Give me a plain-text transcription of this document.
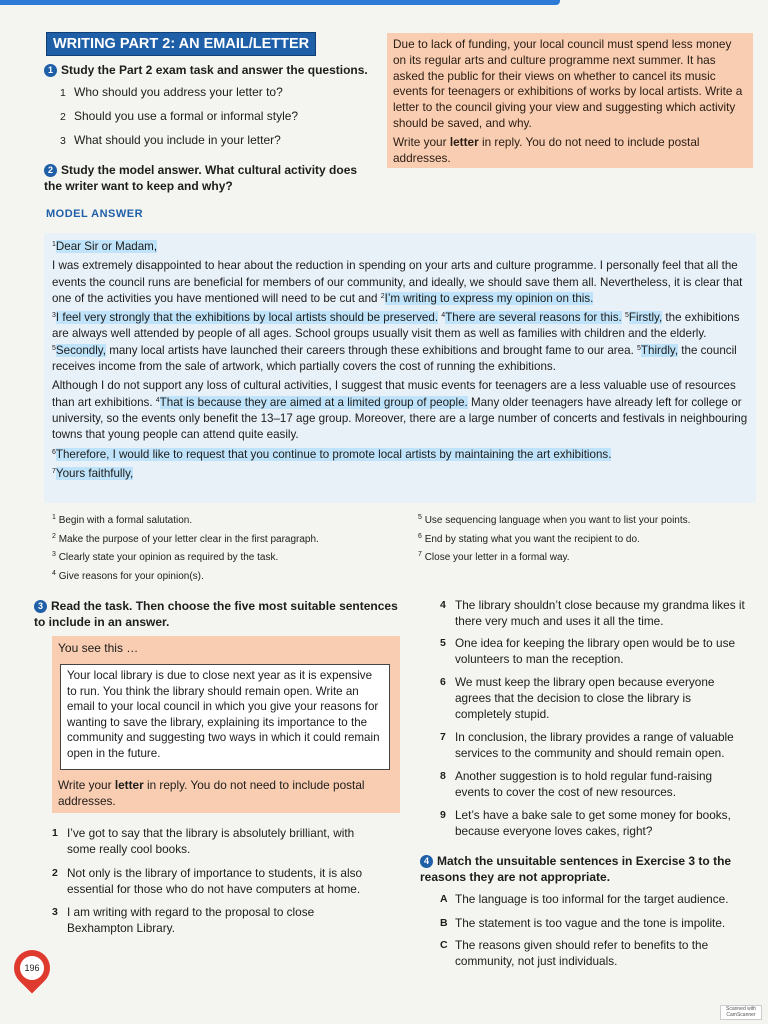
WRITING PART 2: AN EMAIL/LETTER
1 Study the Part 2 exam task and answer the questions.
1 Who should you address your letter to?
2 Should you use a formal or informal style?
3 What should you include in your letter?
2 Study the model answer. What cultural activity does the writer want to keep and why?

Due to lack of funding, your local council must spend less money on its regular arts and culture programme next summer. It has asked the public for their views on whether to cancel its music events for teenagers or exhibitions of works by local artists. Write a letter to the council giving your view and suggesting which activity should be saved, and why.

Write your letter in reply. You do not need to include postal addresses.

MODEL ANSWER

$^1$Dear Sir or Madam,

I was extremely disappointed to hear about the reduction in spending on your arts and culture programme. I personally feel that all the events the council runs are beneficial for members of our community, and ideally, we should save them all. Nevertheless, it is clear that one of the activities you have mentioned will need to be cut and $^2$I’m writing to express my opinion on this.

$^3$I feel very strongly that the exhibitions by local artists should be preserved. $^4$There are several reasons for this. $^5$Firstly, the exhibitions are always well attended by people of all ages. School groups usually visit them as well as families with children and the elderly. $^5$Secondly, many local artists have launched their careers through these exhibitions and brought fame to our area. $^5$Thirdly, the council receives income from the sale of artwork, which partially covers the cost of running the exhibitions.

Although I do not support any loss of cultural activities, I suggest that music events for teenagers are a less valuable use of resources than art exhibitions. $^4$That is because they are aimed at a limited group of people. Many older teenagers have already left for college or university, so the events only benefit the 13–17 age group. Moreover, there are a large number of concerts and festivals in neighbouring towns that young people can attend quite easily.

$^6$Therefore, I would like to request that you continue to promote local artists by maintaining the art exhibitions.

$^7$Yours faithfully,

$^1$ Begin with a formal salutation.
$^2$ Make the purpose of your letter clear in the first paragraph.
$^3$ Clearly state your opinion as required by the task.
$^4$ Give reasons for your opinion(s).
$^5$ Use sequencing language when you want to list your points.
$^6$ End by stating what you want the recipient to do.
$^7$ Close your letter in a formal way.
3 Read the task. Then choose the five most suitable sentences to include in an answer.
You see this …
Your local library is due to close next year as it is expensive to run. You think the library should remain open. Write an email to your local council in which you give your reasons for wanting to save the library, explaining its importance to the community and suggesting two ways in which it could remain open in the future.
Write your letter in reply. You do not need to include postal addresses.
1 I’ve got to say that the library is absolutely brilliant, with some really cool books.
2 Not only is the library of importance to students, it is also essential for those who do not have computers at home.
3 I am writing with regard to the proposal to close Bexhampton Library.
4 The library shouldn’t close because my grandma likes it there very much and uses it all the time.
5 One idea for keeping the library open would be to use volunteers to man the reception.
6 We must keep the library open because everyone agrees that the decision to close the library is completely stupid.
7 In conclusion, the library provides a range of valuable services to the community and should remain open.
8 Another suggestion is to hold regular fund-raising events to cover the cost of new resources.
9 Let’s have a bake sale to get some money for books, because everyone loves cakes, right?
4 Match the unsuitable sentences in Exercise 3 to the reasons they are not appropriate.
A The language is too informal for the target audience.
B The statement is too vague and the tone is impolite.
C The reasons given should refer to benefits to the community, not just individuals.
196
Scanned with CamScanner
